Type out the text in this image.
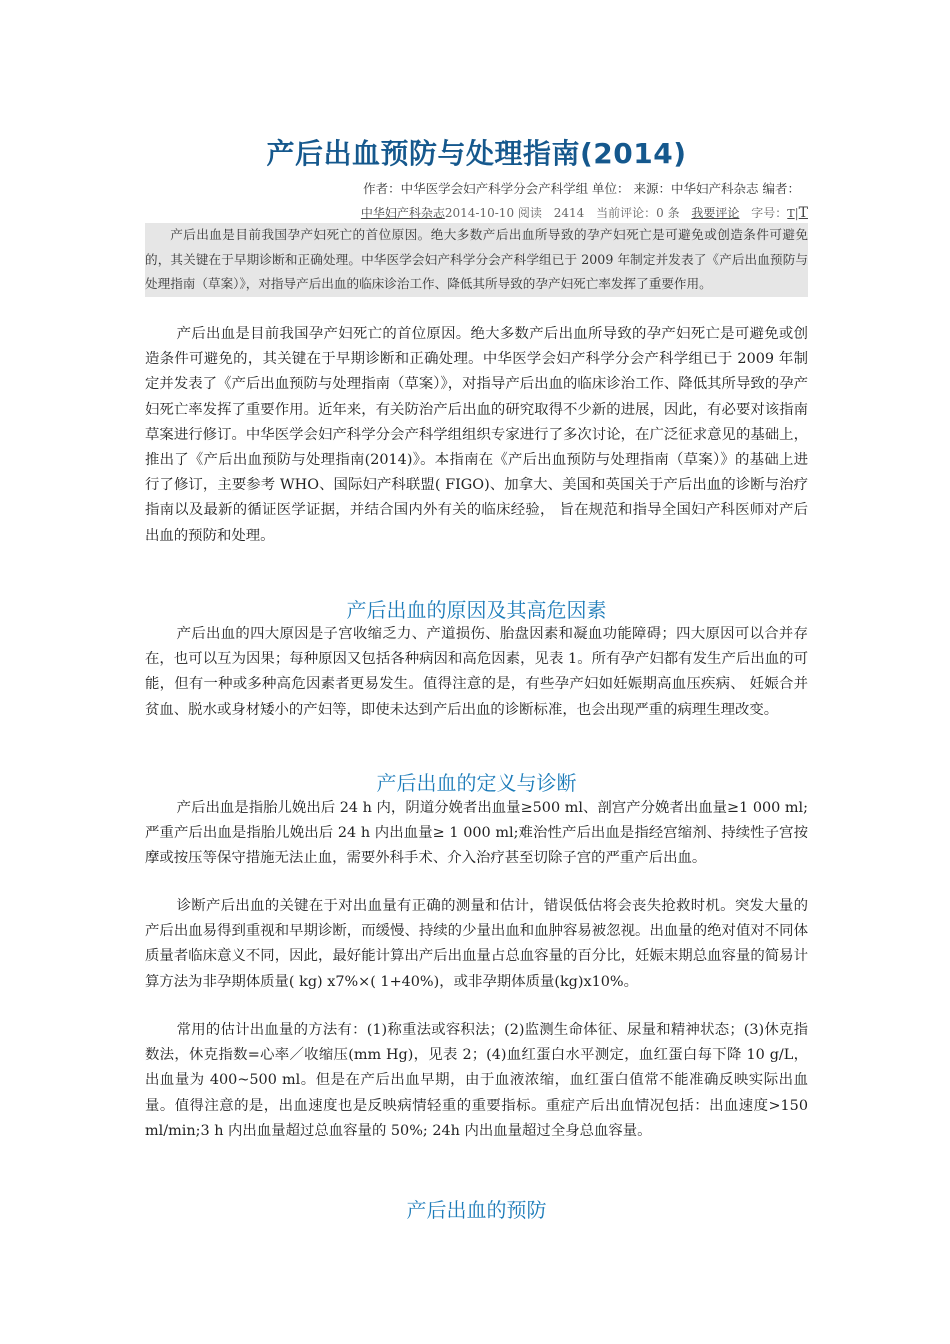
产后出血预防与处理指南(2014)
作者：中华医学会妇产科学分会产科学组 单位： 来源：中华妇产科杂志 编者：
中华妇产科杂志2014-10-10 阅读 2414 当前评论：0 条 我要评论 字号：T|T

产后出血是目前我国孕产妇死亡的首位原因。绝大多数产后出血所导致的孕产妇死亡是可避免或创造条件可避免的，其关键在于早期诊断和正确处理。中华医学会妇产科学分会产科学组已于 2009 年制定并发表了《产后出血预防与处理指南（草案）》，对指导产后出血的临床诊治工作、降低其所导致的孕产妇死亡率发挥了重要作用。

产后出血是目前我国孕产妇死亡的首位原因。绝大多数产后出血所导致的孕产妇死亡是可避免或创造条件可避免的，其关键在于早期诊断和正确处理。中华医学会妇产科学分会产科学组已于 2009 年制定并发表了《产后出血预防与处理指南（草案）》，对指导产后出血的临床诊治工作、降低其所导致的孕产妇死亡率发挥了重要作用。近年来，有关防治产后出血的研究取得不少新的进展，因此，有必要对该指南草案进行修订。中华医学会妇产科学分会产科学组组织专家进行了多次讨论，在广泛征求意见的基础上，推出了《产后出血预防与处理指南(2014)》。本指南在《产后出血预防与处理指南（草案）》的基础上进行了修订，主要参考 WHO、国际妇产科联盟( FIGO)、加拿大、美国和英国关于产后出血的诊断与治疗指南以及最新的循证医学证据，并结合国内外有关的临床经验， 旨在规范和指导全国妇产科医师对产后出血的预防和处理。

产后出血的原因及其高危因素

产后出血的四大原因是子宫收缩乏力、产道损伤、胎盘因素和凝血功能障碍；四大原因可以合并存在，也可以互为因果；每种原因又包括各种病因和高危因素，见表 1。所有孕产妇都有发生产后出血的可能，但有一种或多种高危因素者更易发生。值得注意的是，有些孕产妇如妊娠期高血压疾病、 妊娠合并贫血、脱水或身材矮小的产妇等，即使未达到产后出血的诊断标准，也会出现严重的病理生理改变。

产后出血的定义与诊断

产后出血是指胎儿娩出后 24 h 内，阴道分娩者出血量≥500 ml、剖宫产分娩者出血量≥1 000 ml; 严重产后出血是指胎儿娩出后 24 h 内出血量≥ 1 000 ml;难治性产后出血是指经宫缩剂、持续性子宫按摩或按压等保守措施无法止血，需要外科手术、介入治疗甚至切除子宫的严重产后出血。

诊断产后出血的关键在于对出血量有正确的测量和估计，错误低估将会丧失抢救时机。突发大量的产后出血易得到重视和早期诊断，而缓慢、持续的少量出血和血肿容易被忽视。出血量的绝对值对不同体质量者临床意义不同，因此，最好能计算出产后出血量占总血容量的百分比，妊娠末期总血容量的简易计算方法为非孕期体质量( kg) x7%×( 1+40%)，或非孕期体质量(kg)x10%。

常用的估计出血量的方法有：(1)称重法或容积法；(2)监测生命体征、尿量和精神状态；(3)休克指数法，休克指数=心率／收缩压(mm Hg)，见表 2；(4)血红蛋白水平测定，血红蛋白每下降 10 g/L， 出血量为 400~500 ml。但是在产后出血早期，由于血液浓缩，血红蛋白值常不能准确反映实际出血量。值得注意的是，出血速度也是反映病情轻重的重要指标。重症产后出血情况包括：出血速度>150 ml/min;3 h 内出血量超过总血容量的 50%; 24h 内出血量超过全身总血容量。

产后出血的预防
